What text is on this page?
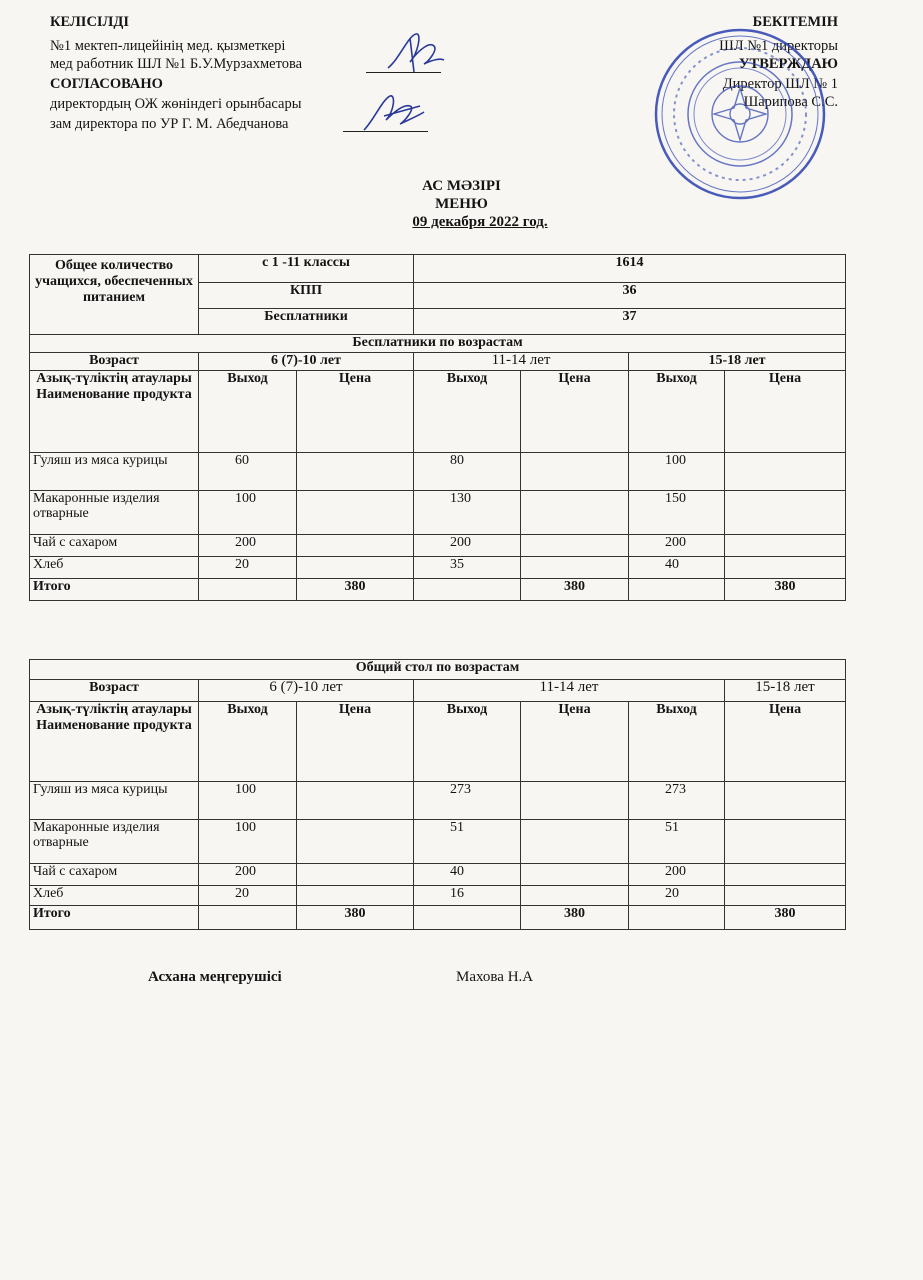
КЕЛІСІЛДІ
№1 мектеп-лицейінің мед. қызметкері
мед работник ШЛ №1 Б.У.Мурзахметова
СОГЛАСОВАНО
директордың ОЖ жөніндегі орынбасары
зам директора по УР Г. М. Абедчанова
БЕКІТЕМІН
ШЛ №1 директоры
УТВЕРЖДАЮ
Директор ШЛ № 1
Шарипова С.С.
АС МӘЗІРІ
МЕНЮ
09 декабря 2022 год.
Общее количество учащихся, обеспеченных питанием	с 1 -11 классы		1614			
	КПП		36			
	Бесплатники		37			
Бесплатники по возрастам						
Возраст	6 (7)-10 лет		11-14 лет		15-18 лет	
Азық-түліктің атаулары Наименование продукта	Выход	Цена	Выход	Цена	Выход	Цена
Гуляш из мяса курицы	60		80		100	
Макаронные изделия отварные	100		130		150	
Чай с сахаром	200		200		200	
Хлеб	20		35		40	
Итого		380		380		380
Общий стол по возрастам						
Возраст	6 (7)-10 лет		11-14 лет			15-18 лет
Азық-түліктің атаулары Наименование продукта	Выход	Цена	Выход	Цена	Выход	Цена
Гуляш из мяса курицы	100		273		273	
Макаронные изделия отварные	100		51		51	
Чай с сахаром	200		40		200	
Хлеб	20		16		20	
Итого		380		380		380
Асхана меңгерушісі	Махова Н.А
